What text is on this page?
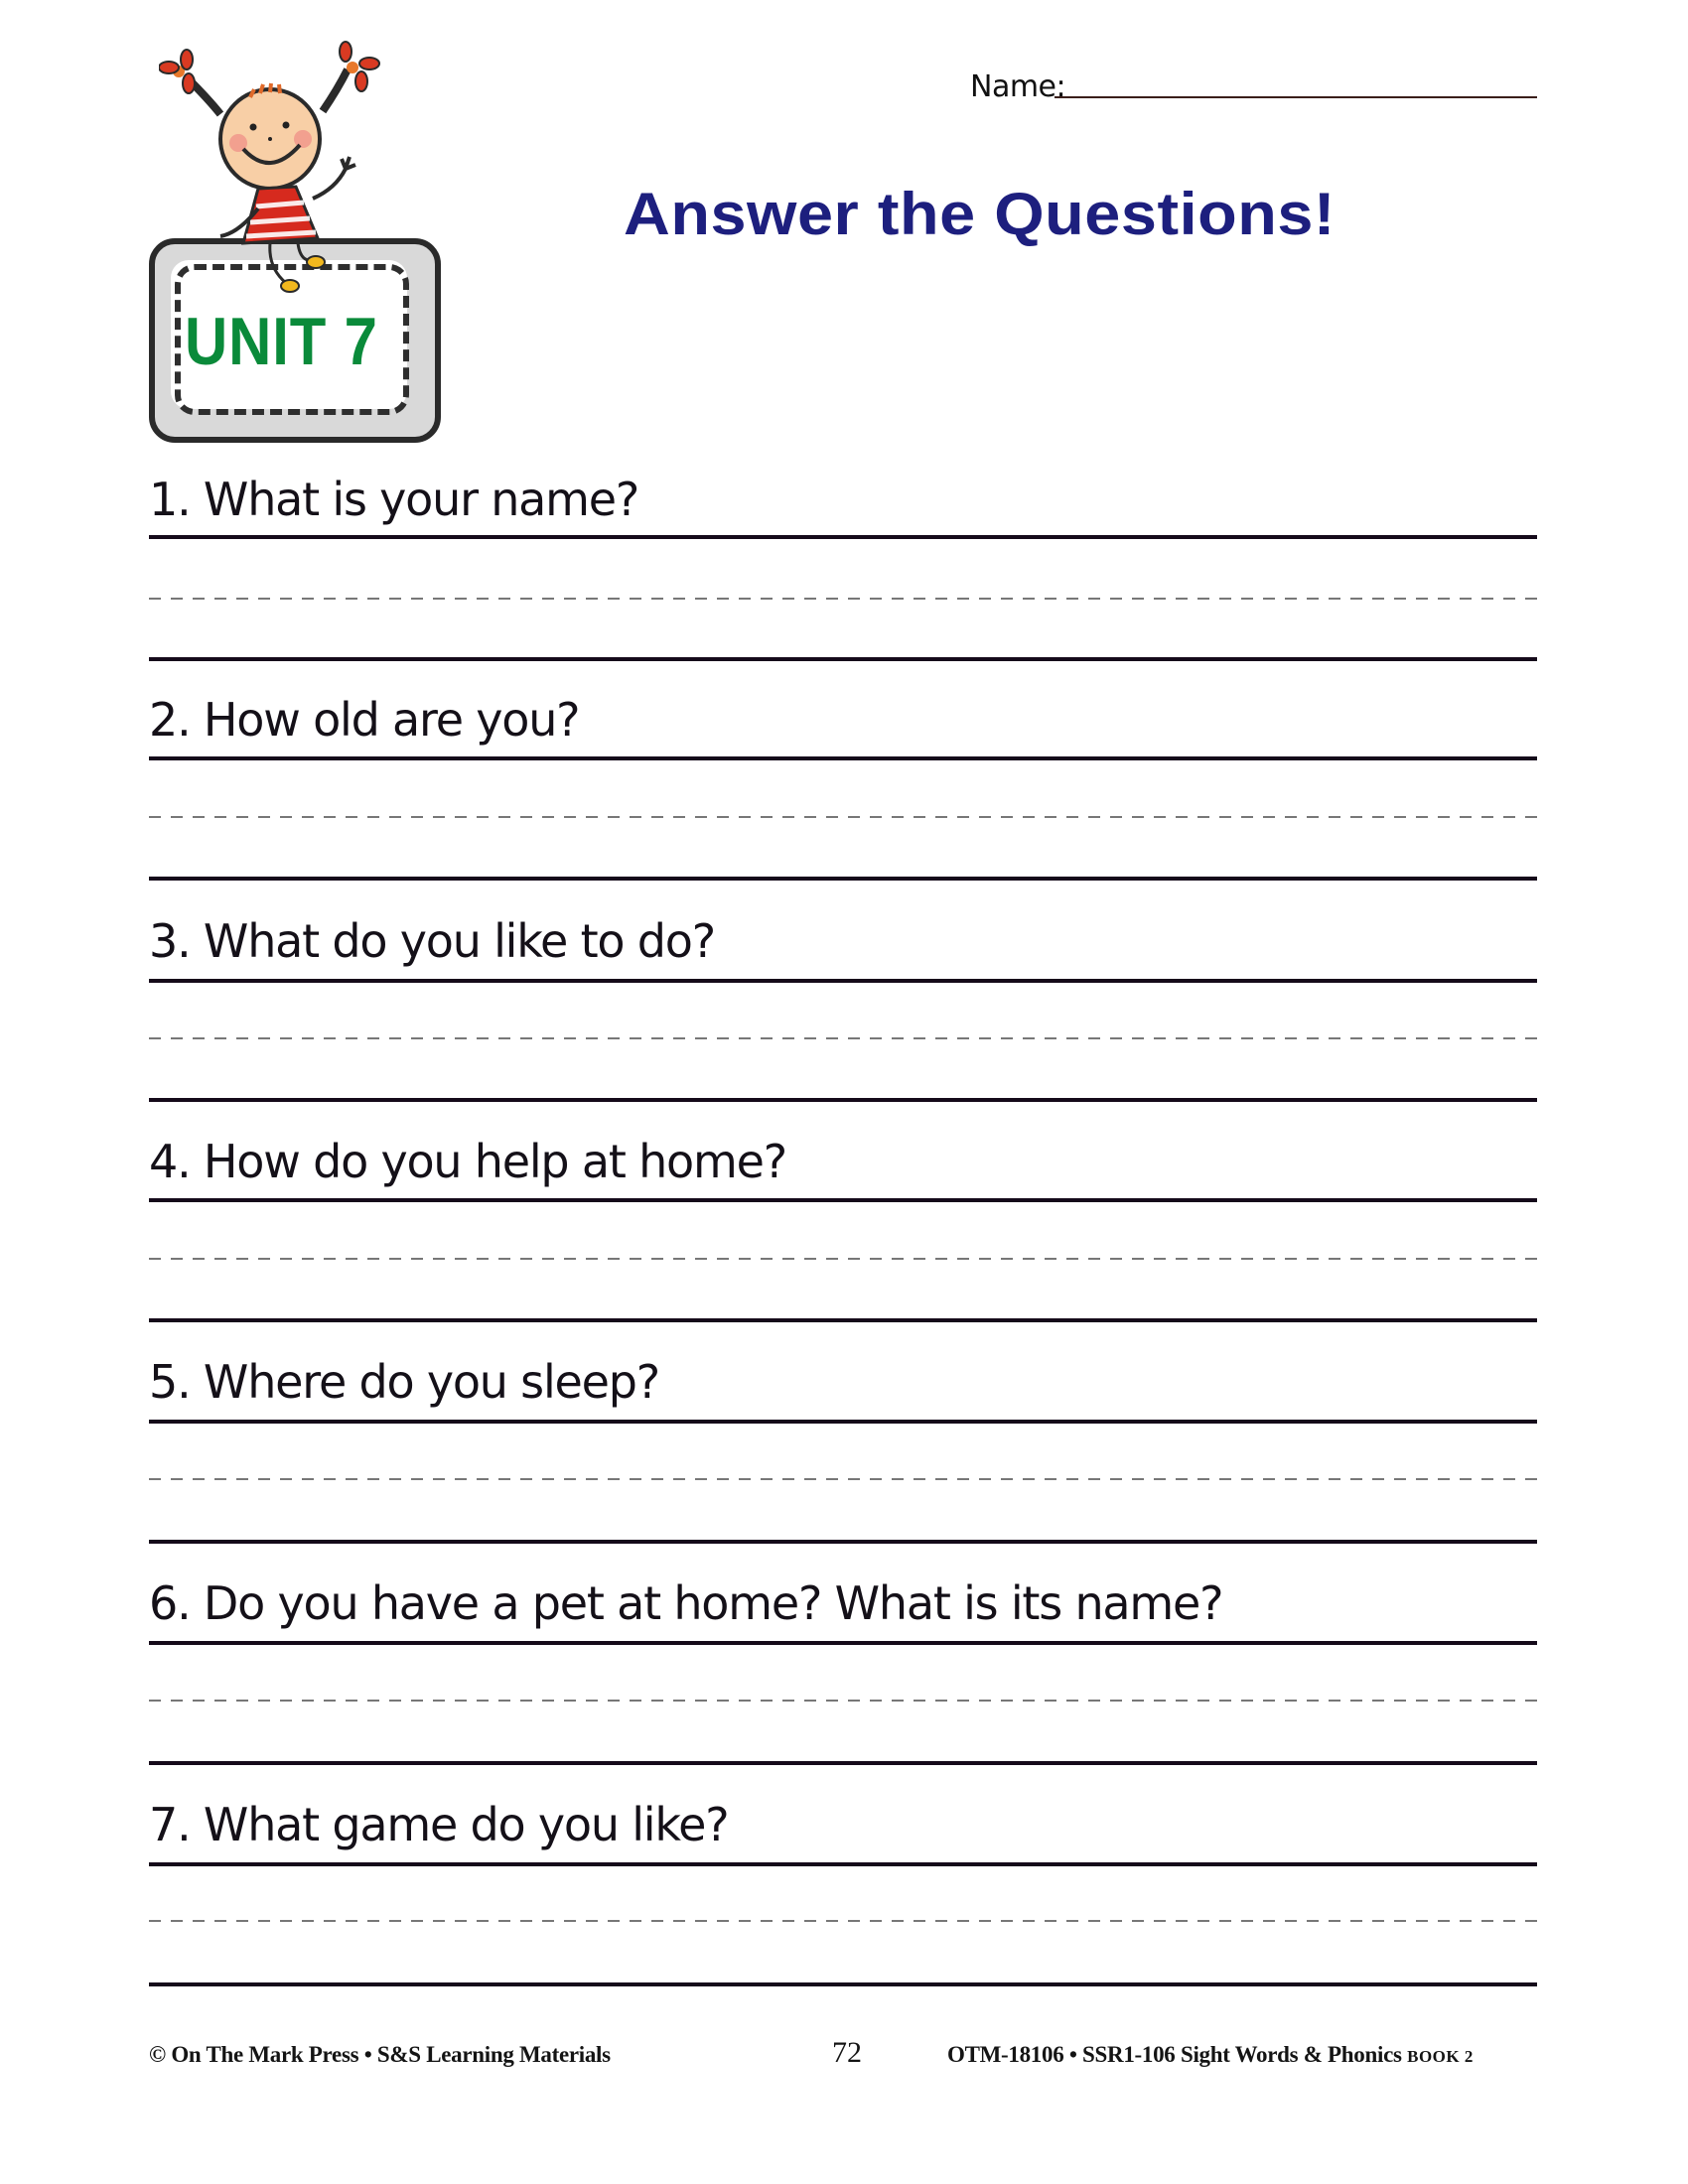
UNIT 7
Name:
Answer the Questions!
1. What is your name?
2. How old are you?
3. What do you like to do?
4. How do you help at home?
5. Where do you sleep?
6. Do you have a pet at home? What is its name?
7. What game do you like?
© On The Mark Press • S&S Learning Materials	72	OTM-18106 • SSR1-106 Sight Words & Phonics BOOK 2
